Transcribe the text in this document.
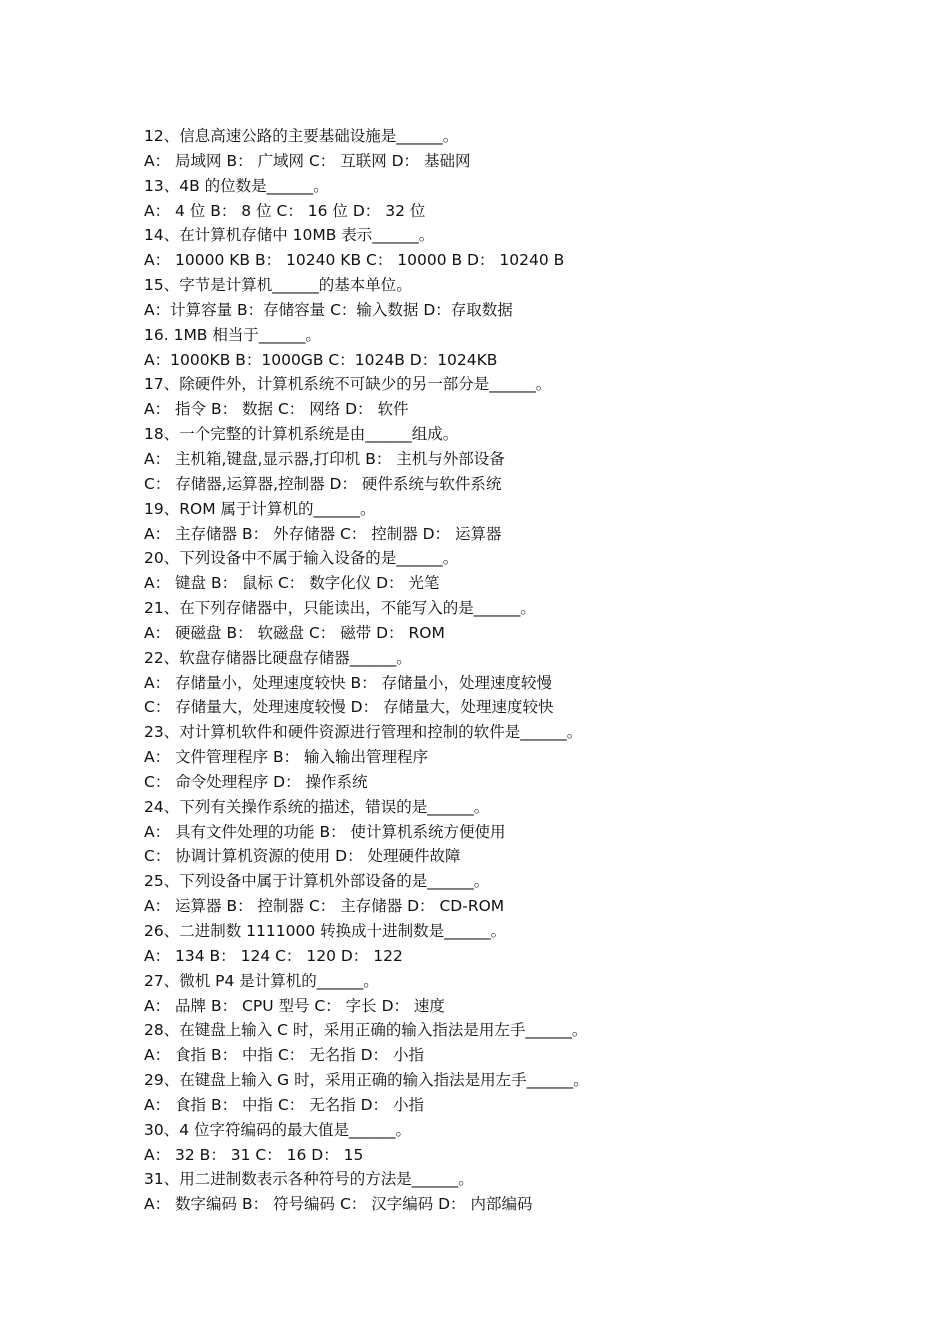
12、信息高速公路的主要基础设施是______。
A： 局域网 B： 广域网 C： 互联网 D： 基础网
13、4B 的位数是______。
A： 4 位 B： 8 位 C： 16 位 D： 32 位
14、在计算机存储中 10MB 表示______。
A： 10000 KB B： 10240 KB C： 10000 B D： 10240 B
15、字节是计算机______的基本单位。
A：计算容量 B：存储容量 C：输入数据 D：存取数据
16. 1MB 相当于______。
A：1000KB B：1000GB C：1024B D：1024KB
17、除硬件外，计算机系统不可缺少的另一部分是______。
A： 指令 B： 数据 C： 网络 D： 软件
18、一个完整的计算机系统是由______组成。
A： 主机箱,键盘,显示器,打印机 B： 主机与外部设备
C： 存储器,运算器,控制器 D： 硬件系统与软件系统
19、ROM 属于计算机的______。
A： 主存储器 B： 外存储器 C： 控制器 D： 运算器
20、下列设备中不属于输入设备的是______。
A： 键盘 B： 鼠标 C： 数字化仪 D： 光笔
21、在下列存储器中，只能读出，不能写入的是______。
A： 硬磁盘 B： 软磁盘 C： 磁带 D： ROM
22、软盘存储器比硬盘存储器______。
A： 存储量小，处理速度较快 B： 存储量小，处理速度较慢
C： 存储量大，处理速度较慢 D： 存储量大，处理速度较快
23、对计算机软件和硬件资源进行管理和控制的软件是______。
A： 文件管理程序 B： 输入输出管理程序
C： 命令处理程序 D： 操作系统
24、下列有关操作系统的描述，错误的是______。
A： 具有文件处理的功能 B： 使计算机系统方便使用
C： 协调计算机资源的使用 D： 处理硬件故障
25、下列设备中属于计算机外部设备的是______。
A： 运算器 B： 控制器 C： 主存储器 D： CD-ROM
26、二进制数 1111000 转换成十进制数是______。
A： 134 B： 124 C： 120 D： 122
27、微机 P4 是计算机的______。
A： 品牌 B： CPU 型号 C： 字长 D： 速度
28、在键盘上输入 C 时，采用正确的输入指法是用左手______。
A： 食指 B： 中指 C： 无名指 D： 小指
29、在键盘上输入 G 时，采用正确的输入指法是用左手______。
A： 食指 B： 中指 C： 无名指 D： 小指
30、4 位字符编码的最大值是______。
A： 32 B： 31 C： 16 D： 15
31、用二进制数表示各种符号的方法是______。
A： 数字编码 B： 符号编码 C： 汉字编码 D： 内部编码
